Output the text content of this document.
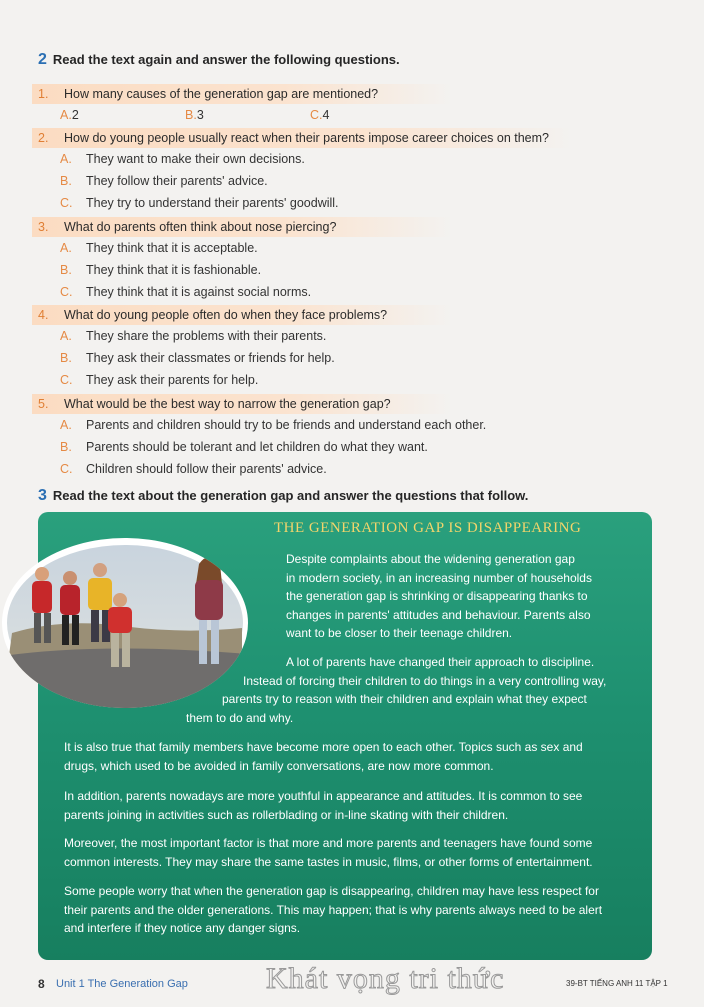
2 Read the text again and answer the following questions.
1. How many causes of the generation gap are mentioned?
A.2	B.3	C.4
2. How do young people usually react when their parents impose career choices on them?
A. They want to make their own decisions.
B. They follow their parents' advice.
C. They try to understand their parents' goodwill.
3. What do parents often think about nose piercing?
A. They think that it is acceptable.
B. They think that it is fashionable.
C. They think that it is against social norms.
4. What do young people often do when they face problems?
A. They share the problems with their parents.
B. They ask their classmates or friends for help.
C. They ask their parents for help.
5. What would be the best way to narrow the generation gap?
A. Parents and children should try to be friends and understand each other.
B. Parents should be tolerant and let children do what they want.
C. Children should follow their parents' advice.
3 Read the text about the generation gap and answer the questions that follow.
THE GENERATION GAP IS DISAPPEARING
Despite complaints about the widening generation gap
in modern society, in an increasing number of households
the generation gap is shrinking or disappearing thanks to
changes in parents' attitudes and behaviour. Parents also
want to be closer to their teenage children.
A lot of parents have changed their approach to discipline.
Instead of forcing their children to do things in a very controlling way,
parents try to reason with their children and explain what they expect
them to do and why.
It is also true that family members have become more open to each other. Topics such as sex and
drugs, which used to be avoided in family conversations, are now more common.
In addition, parents nowadays are more youthful in appearance and attitudes. It is common to see
parents joining in activities such as rollerblading or in-line skating with their children.
Moreover, the most important factor is that more and more parents and teenagers have found some
common interests. They may share the same tastes in music, films, or other forms of entertainment.
Some people worry that when the generation gap is disappearing, children may have less respect for
their parents and the older generations. This may happen; that is why parents always need to be alert
and interfere if they notice any danger signs.
8 Unit 1 The Generation Gap	Khát vọng tri thức	39-BT TIẾNG ANH 11 TẬP 1
